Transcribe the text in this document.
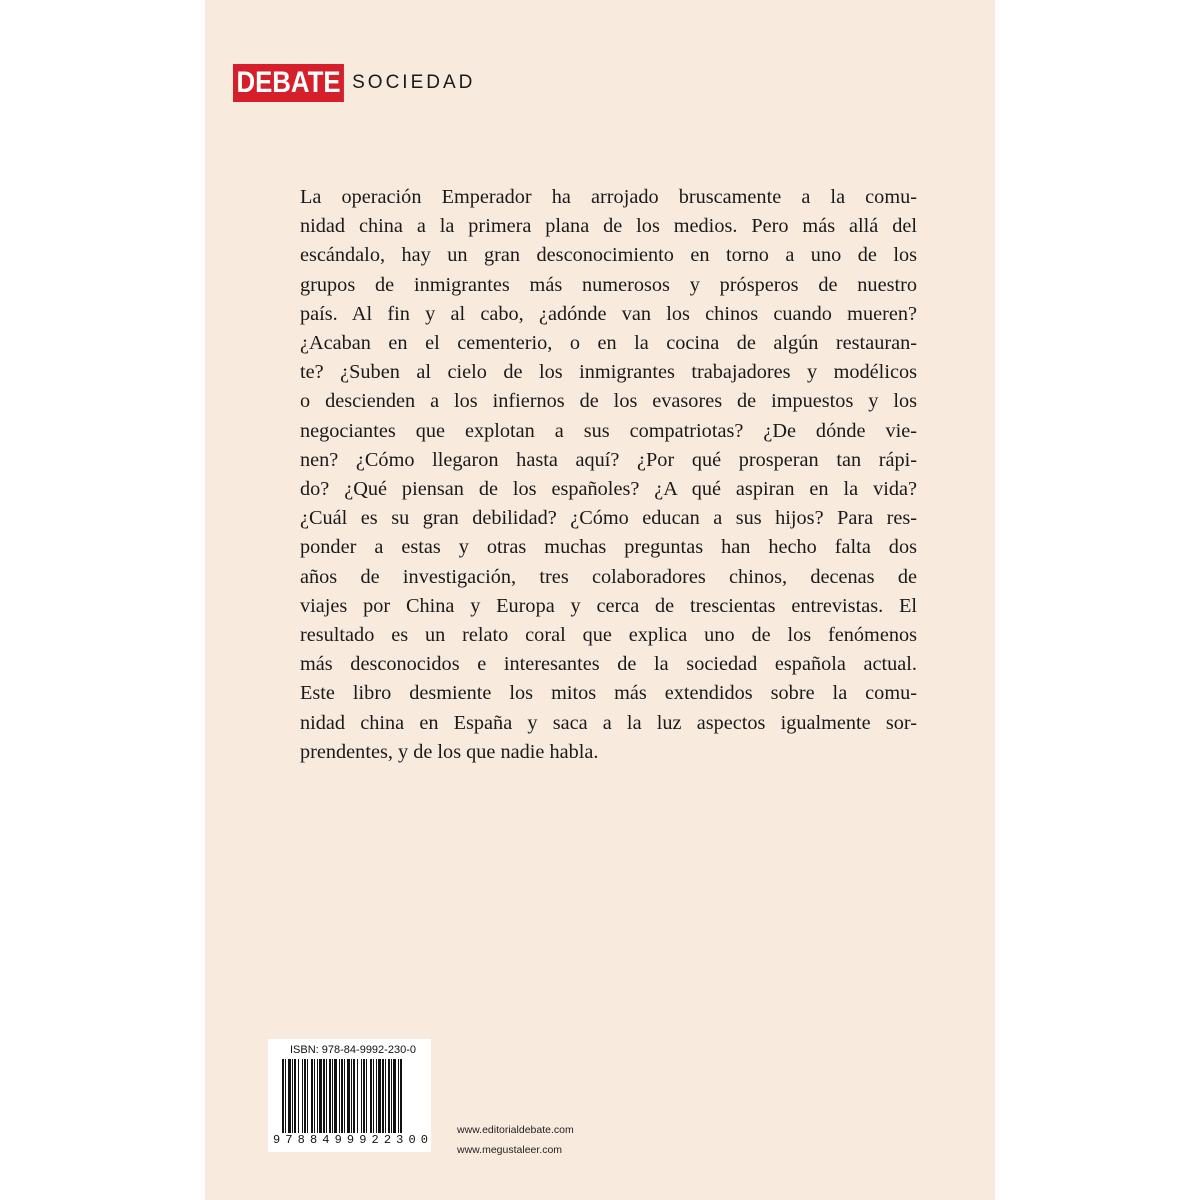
DEBATE SOCIEDAD
La operación Emperador ha arrojado bruscamente a la comu-
nidad china a la primera plana de los medios. Pero más allá del
escándalo, hay un gran desconocimiento en torno a uno de los
grupos de inmigrantes más numerosos y prósperos de nuestro
país. Al fin y al cabo, ¿adónde van los chinos cuando mueren?
¿Acaban en el cementerio, o en la cocina de algún restauran-
te? ¿Suben al cielo de los inmigrantes trabajadores y modélicos
o descienden a los infiernos de los evasores de impuestos y los
negociantes que explotan a sus compatriotas? ¿De dónde vie-
nen? ¿Cómo llegaron hasta aquí? ¿Por qué prosperan tan rápi-
do? ¿Qué piensan de los españoles? ¿A qué aspiran en la vida?
¿Cuál es su gran debilidad? ¿Cómo educan a sus hijos? Para res-
ponder a estas y otras muchas preguntas han hecho falta dos
años de investigación, tres colaboradores chinos, decenas de
viajes por China y Europa y cerca de trescientas entrevistas. El
resultado es un relato coral que explica uno de los fenómenos
más desconocidos e interesantes de la sociedad española actual.
Este libro desmiente los mitos más extendidos sobre la comu-
nidad china en España y saca a la luz aspectos igualmente sor-
prendentes, y de los que nadie habla.
ISBN: 978-84-9992-230-0
9 7 8 8 4 9 9 9 2 2 3 0 0
www.editorialdebate.com
www.megustaleer.com
